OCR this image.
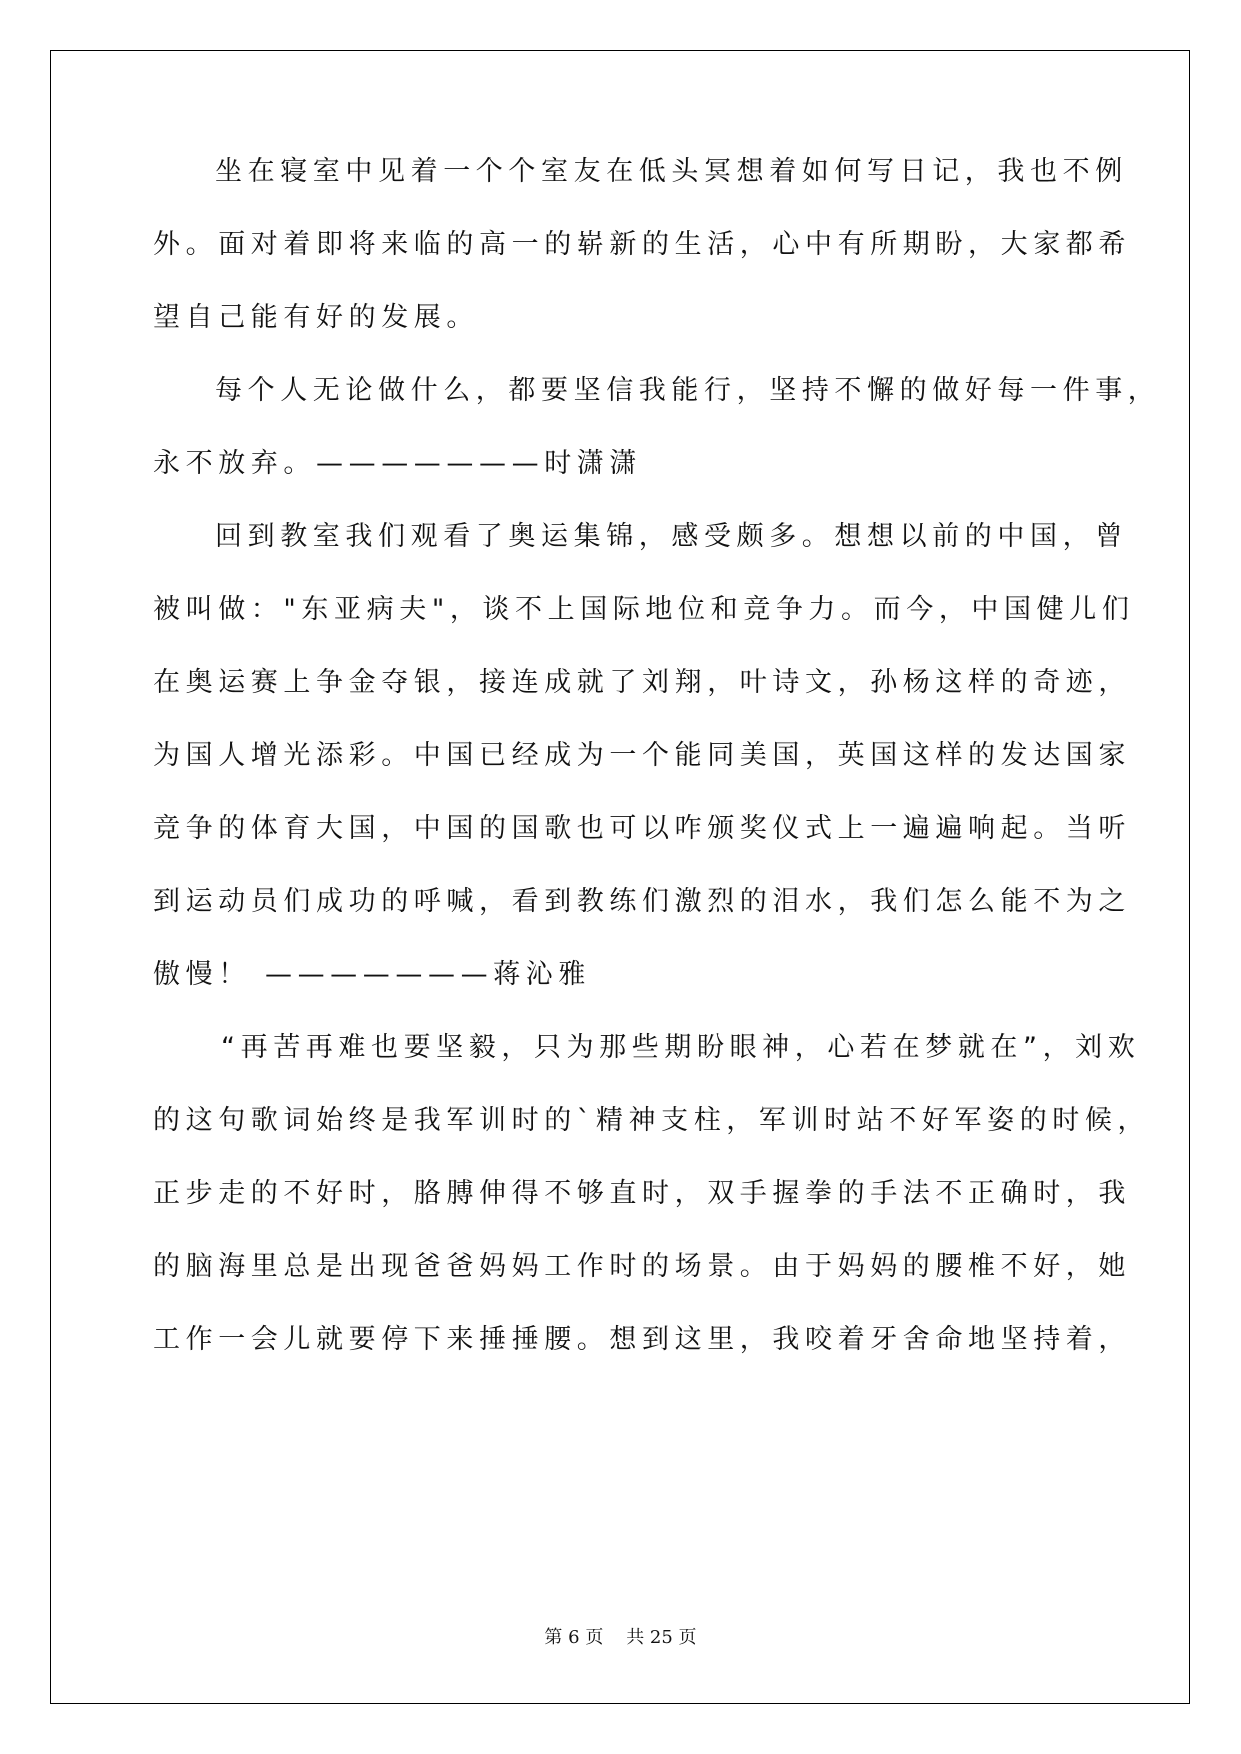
坐在寝室中见着一个个室友在低头冥想着如何写日记，我也不例
外。面对着即将来临的高一的崭新的生活，心中有所期盼，大家都希
望自己能有好的发展。
每个人无论做什么，都要坚信我能行，坚持不懈的做好每一件事，
永不放弃。———————时潇潇
回到教室我们观看了奥运集锦，感受颇多。想想以前的中国，曾
被叫做："东亚病夫"，谈不上国际地位和竞争力。而今，中国健儿们
在奥运赛上争金夺银，接连成就了刘翔，叶诗文，孙杨这样的奇迹，
为国人增光添彩。中国已经成为一个能同美国，英国这样的发达国家
竞争的体育大国，中国的国歌也可以咋颁奖仪式上一遍遍响起。当听
到运动员们成功的呼喊，看到教练们激烈的泪水，我们怎么能不为之
傲慢！ ———————蒋沁雅
“再苦再难也要坚毅，只为那些期盼眼神，心若在梦就在”，刘欢
的这句歌词始终是我军训时的`精神支柱，军训时站不好军姿的时候，
正步走的不好时，胳膊伸得不够直时，双手握拳的手法不正确时，我
的脑海里总是出现爸爸妈妈工作时的场景。由于妈妈的腰椎不好，她
工作一会儿就要停下来捶捶腰。想到这里，我咬着牙舍命地坚持着，
第 6 页    共 25 页
